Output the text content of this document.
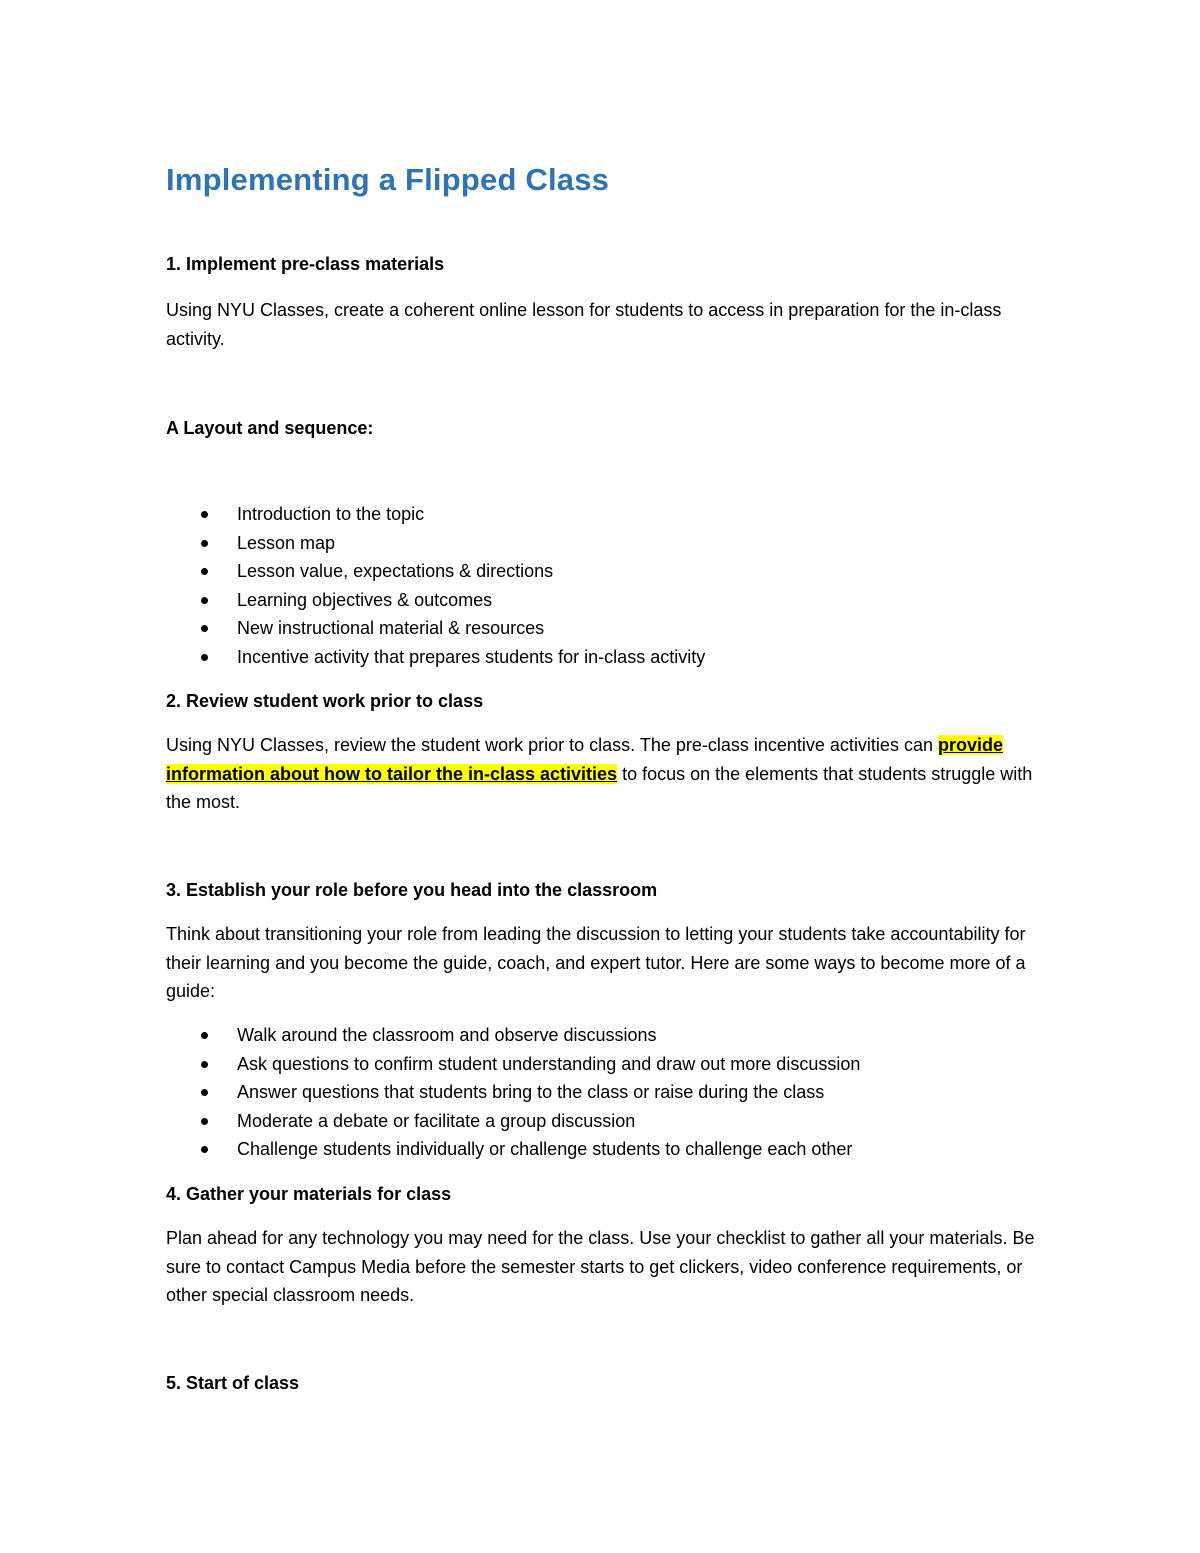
Implementing a Flipped Class
1. Implement pre-class materials

Using NYU Classes, create a coherent online lesson for students to access in preparation for the in-class activity.

A Layout and sequence:
Introduction to the topic
Lesson map
Lesson value, expectations & directions
Learning objectives & outcomes
New instructional material & resources
Incentive activity that prepares students for in-class activity
2. Review student work prior to class

Using NYU Classes, review the student work prior to class. The pre-class incentive activities can provide information about how to tailor the in-class activities to focus on the elements that students struggle with the most.

3. Establish your role before you head into the classroom

Think about transitioning your role from leading the discussion to letting your students take accountability for their learning and you become the guide, coach, and expert tutor. Here are some ways to become more of a guide:

Walk around the classroom and observe discussions
Ask questions to confirm student understanding and draw out more discussion
Answer questions that students bring to the class or raise during the class
Moderate a debate or facilitate a group discussion
Challenge students individually or challenge students to challenge each other
4. Gather your materials for class

Plan ahead for any technology you may need for the class. Use your checklist to gather all your materials. Be sure to contact Campus Media before the semester starts to get clickers, video conference requirements, or other special classroom needs.

5. Start of class
